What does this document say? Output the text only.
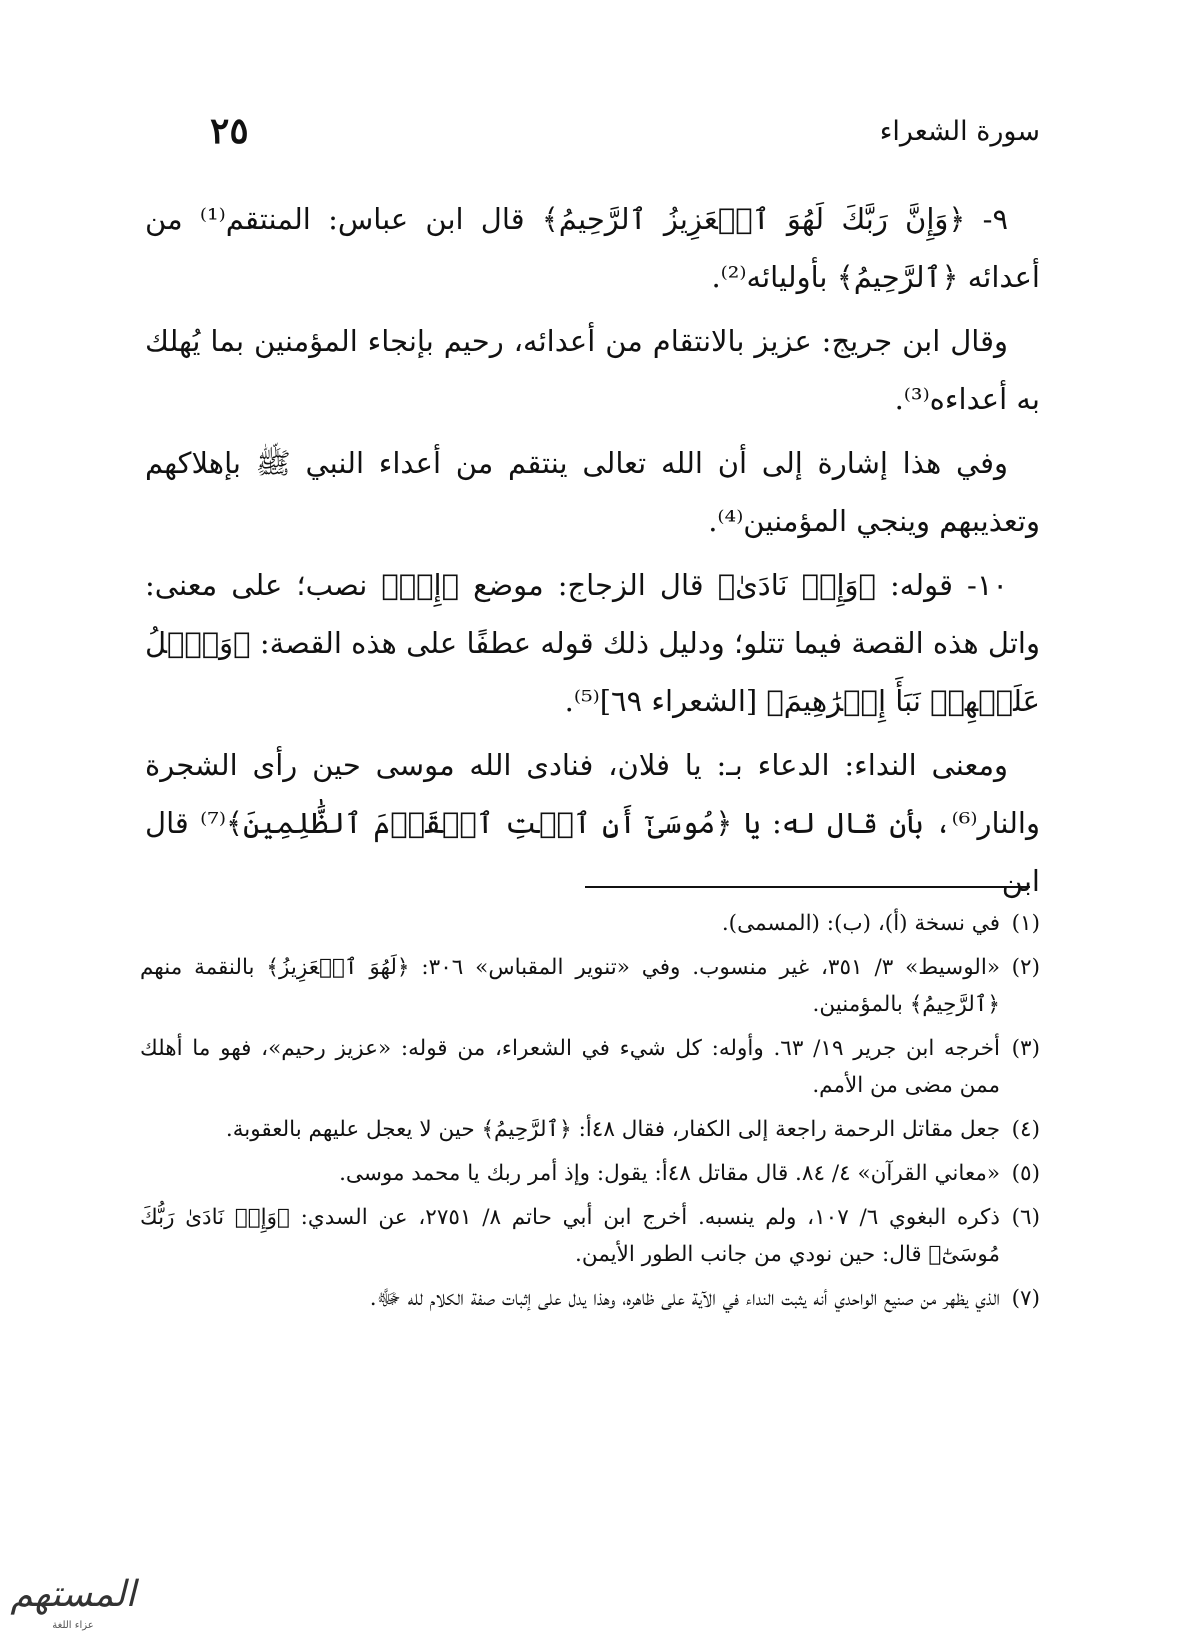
سورة الشعراء
٢٥

٩- ﴿وَإِنَّ رَبَّكَ لَهُوَ ٱلۡعَزِيزُ ٱلرَّحِيمُ﴾ قال ابن عباس: المنتقم⁽¹⁾ من أعدائه ﴿ٱلرَّحِيمُ﴾ بأوليائه⁽²⁾.

وقال ابن جريج: عزيز بالانتقام من أعدائه، رحيم بإنجاء المؤمنين بما يُهلك به أعداءه⁽³⁾.

وفي هذا إشارة إلى أن الله تعالى ينتقم من أعداء النبي ﷺ بإهلاكهم وتعذيبهم وينجي المؤمنين⁽⁴⁾.

١٠- قوله: ﴿وَإِذۡ نَادَىٰ﴾ قال الزجاج: موضع ﴿إِذۡ﴾ نصب؛ على معنى: واتل هذه القصة فيما تتلو؛ ودليل ذلك قوله عطفًا على هذه القصة: ﴿وَٱتۡلُ عَلَيۡهِمۡ نَبَأَ إِبۡرَٰهِيمَ﴾ [الشعراء ٦٩]⁽⁵⁾.

ومعنى النداء: الدعاء بـ: يا فلان، فنادى الله موسى حين رأى الشجرة والنار⁽⁶⁾، بأن قال له: يا ﴿مُوسَىٰٓ أَنِ ٱئۡتِ ٱلۡقَوۡمَ ٱلظَّٰلِمِينَ﴾⁽⁷⁾ قال ابن

(١)في نسخة (أ)، (ب): (المسمى).

(٢)«الوسيط» ٣/ ٣٥١، غير منسوب. وفي «تنوير المقباس» ٣٠٦: ﴿لَهُوَ ٱلۡعَزِيزُ﴾ بالنقمة منهم ﴿ٱلرَّحِيمُ﴾ بالمؤمنين.

(٣)أخرجه ابن جرير ١٩/ ٦٣. وأوله: كل شيء في الشعراء، من قوله: «عزيز رحيم»، فهو ما أهلك ممن مضى من الأمم.

(٤)جعل مقاتل الرحمة راجعة إلى الكفار، فقال ٤٨أ: ﴿ٱلرَّحِيمُ﴾ حين لا يعجل عليهم بالعقوبة.

(٥)«معاني القرآن» ٤/ ٨٤. قال مقاتل ٤٨أ: يقول: وإذ أمر ربك يا محمد موسى.

(٦)ذكره البغوي ٦/ ١٠٧، ولم ينسبه. أخرج ابن أبي حاتم ٨/ ٢٧٥١، عن السدي: ﴿وَإِذۡ نَادَىٰ رَبُّكَ مُوسَىٰٓ﴾ قال: حين نودي من جانب الطور الأيمن.

(٧)الذي يظهر من صنيع الواحدي أنه يثبت النداء في الآية على ظاهره، وهذا يدل على إثبات صفة الكلام لله ﷻ.

المستهم
عزاء اللغة
